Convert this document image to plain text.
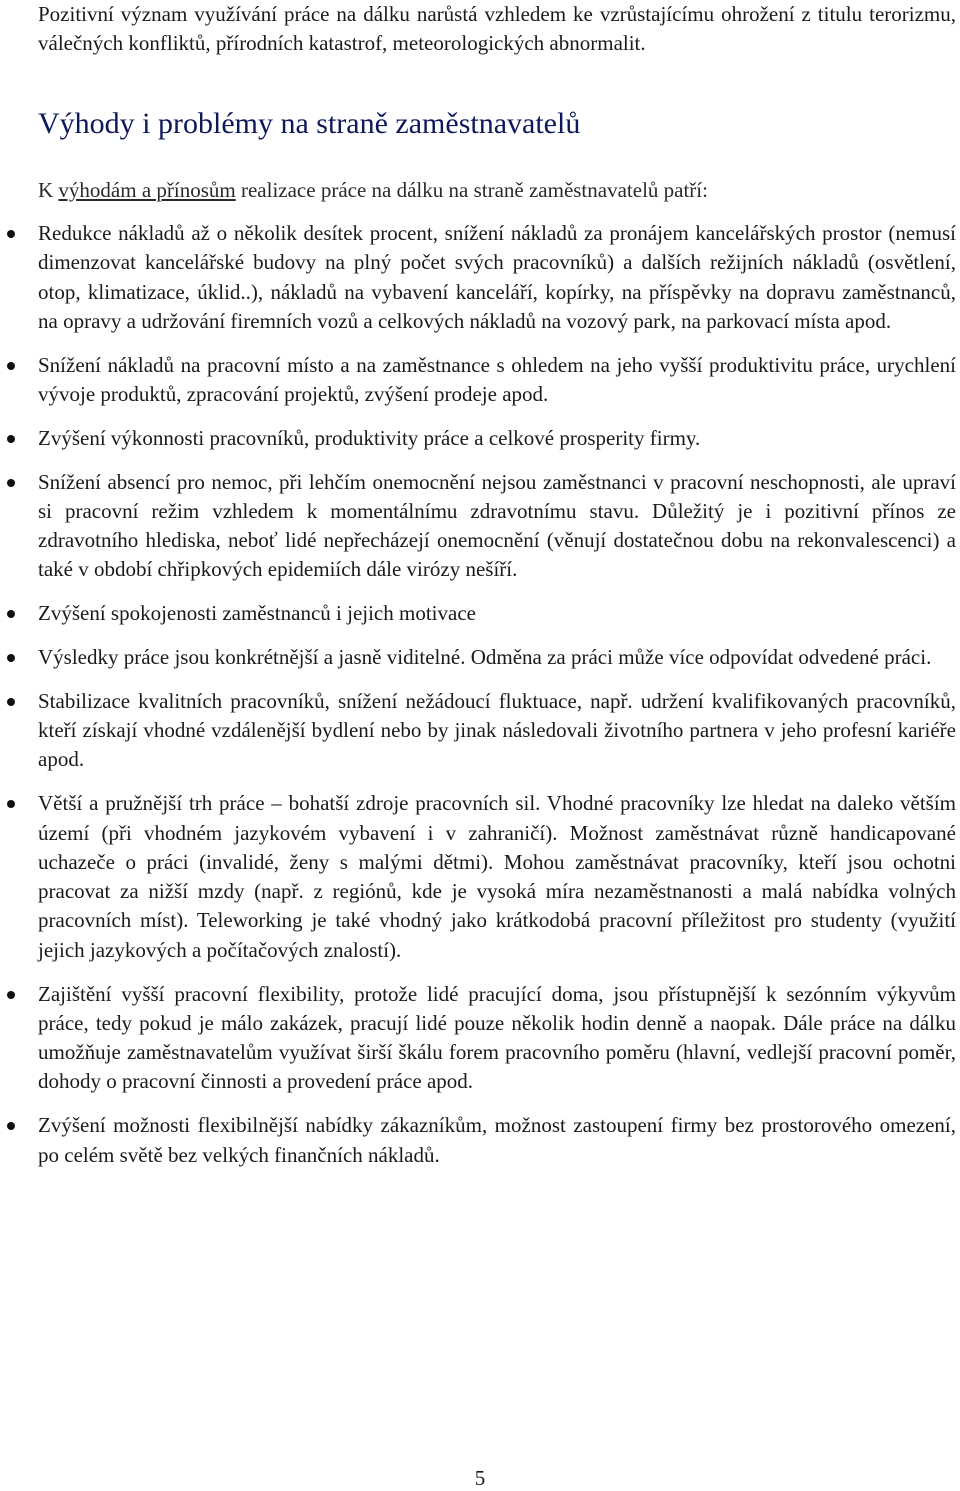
Pozitivní význam využívání práce na dálku narůstá vzhledem ke vzrůstajícímu ohrožení z titulu terorizmu, válečných konfliktů, přírodních katastrof, meteorologických abnormalit.

Výhody i problémy na straně zaměstnavatelů

K výhodám a přínosům realizace práce na dálku na straně zaměstnavatelů patří:

Redukce nákladů až o několik desítek procent, snížení nákladů za pronájem kancelářských prostor (nemusí dimenzovat kancelářské budovy na plný počet svých pracovníků) a dalších režijních nákladů (osvětlení, otop, klimatizace, úklid..), nákladů na vybavení kanceláří, kopírky, na příspěvky na dopravu zaměstnanců, na opravy a udržování firemních vozů a celkových nákladů na vozový park, na parkovací místa apod.
Snížení nákladů na pracovní místo a na zaměstnance s ohledem na jeho vyšší produktivitu práce, urychlení vývoje produktů, zpracování projektů, zvýšení prodeje apod.
Zvýšení výkonnosti pracovníků, produktivity práce a celkové prosperity firmy.
Snížení absencí pro nemoc, při lehčím onemocnění nejsou zaměstnanci v pracovní neschopnosti, ale upraví si pracovní režim vzhledem k momentálnímu zdravotnímu stavu. Důležitý je i pozitivní přínos ze zdravotního hlediska, neboť lidé nepřecházejí onemocnění (věnují dostatečnou dobu na rekonvalescenci) a také v období chřipkových epidemiích dále virózy nešíří.
Zvýšení spokojenosti zaměstnanců i jejich motivace
Výsledky práce jsou konkrétnější a jasně viditelné. Odměna za práci může více odpovídat odvedené práci.
Stabilizace kvalitních pracovníků, snížení nežádoucí fluktuace, např. udržení kvalifikovaných pracovníků, kteří získají vhodné vzdálenější bydlení nebo by jinak následovali životního partnera v jeho profesní kariéře apod.
Větší a pružnější trh práce – bohatší zdroje pracovních sil. Vhodné pracovníky lze hledat na daleko větším území (při vhodném jazykovém vybavení i v zahraničí). Možnost zaměstnávat různě handicapované uchazeče o práci (invalidé, ženy s malými dětmi). Mohou zaměstnávat pracovníky, kteří jsou ochotni pracovat za nižší mzdy (např. z regiónů, kde je vysoká míra nezaměstnanosti a malá nabídka volných pracovních míst). Teleworking je také vhodný jako krátkodobá pracovní příležitost pro studenty (využití jejich jazykových a počítačových znalostí).
Zajištění vyšší pracovní flexibility, protože lidé pracující doma, jsou přístupnější k sezónním výkyvům práce, tedy pokud je málo zakázek, pracují lidé pouze několik hodin denně a naopak. Dále práce na dálku umožňuje zaměstnavatelům využívat širší škálu forem pracovního poměru (hlavní, vedlejší pracovní poměr, dohody o pracovní činnosti a provedení práce apod.
Zvýšení možnosti flexibilnější nabídky zákazníkům, možnost zastoupení firmy bez prostorového omezení, po celém světě bez velkých finančních nákladů.
5
